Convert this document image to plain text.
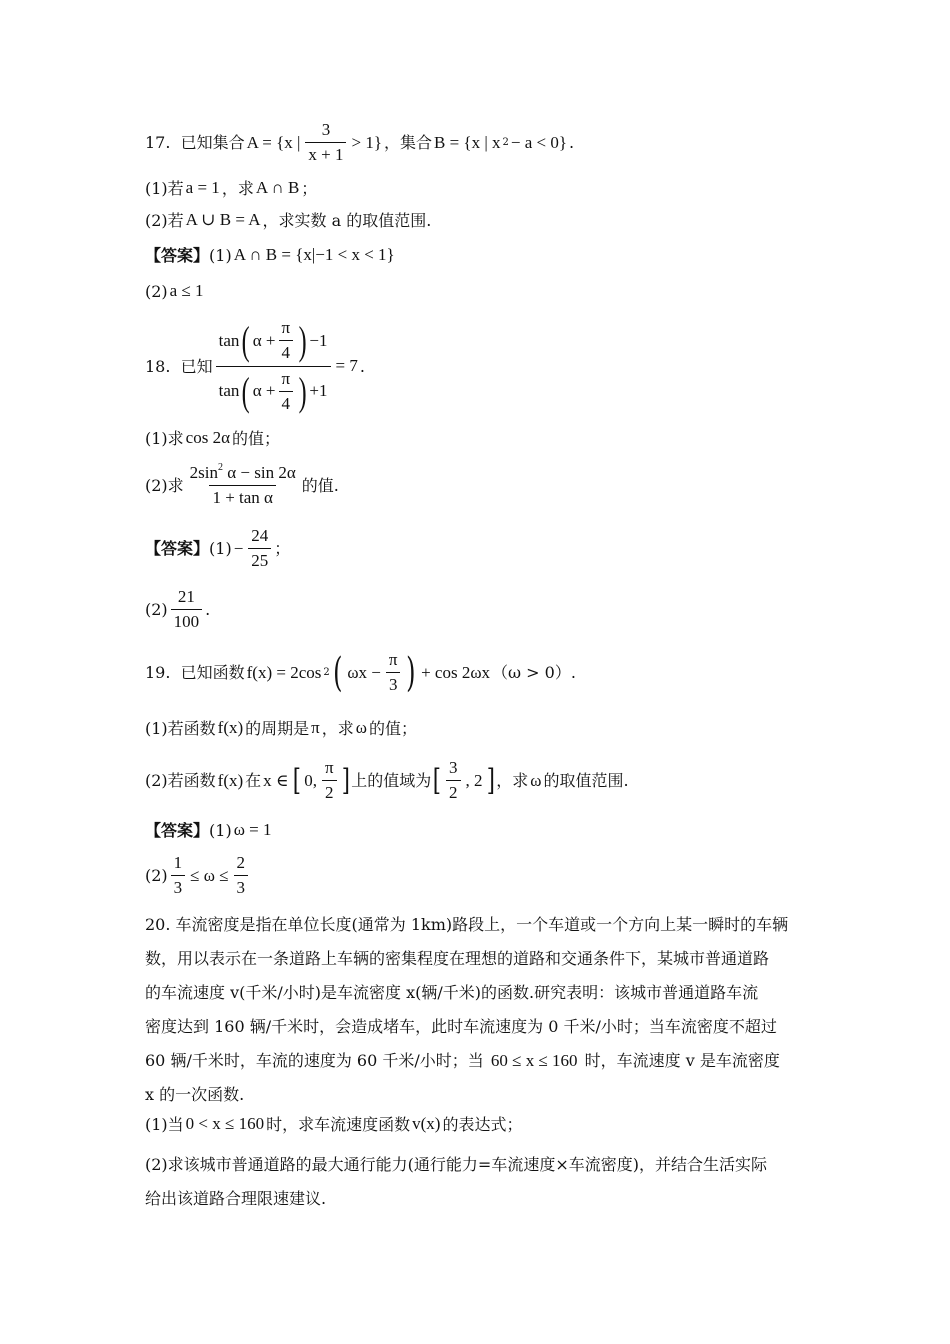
17.
已知集合 A = {x | $\frac{3}{x + 1} > 1$} ，集合 B = {x | x 2 − a < 0} .
(1)若 a = 1 ，求 A ∩ B ；
(2)若 A ∪ B = A ，求实数 a 的取值范围.
【答案】 (1) A ∩ B = {x|−1 < x < 1}
(2) a ≤ 1
18.
已知
tan ( $\alpha + \frac{\pi}{4}$ ) −1
tan ( $\alpha + \frac{\pi}{4}$ ) +1
= 7 .
(1)求 cos 2α 的值；
(2)求 $\frac{2\sin^2 \alpha - \sin 2\alpha}{\text{1 + tan α}}$ 的值.
【答案】 $(1) - \frac{24}{25}$ ；
$(2) \frac{21}{100}$ .
19.
已知函数 f(x) = 2cos 2 ( $\omega x - \frac{\pi}{3}$ ) + cos 2ωx （ω > 0）.
(1)若函数 f(x) 的周期是 π ，求 ω 的值；
(2)若函数 f(x) 在 x ∈ [ 0, $\frac{\pi}{2}$ ] 上的值域为 [ $\frac{3}{2}$ , 2 ] ，求 ω 的取值范围.
【答案】 (1) ω = 1
$(2) \frac{1}{3} \le \omega \le \frac{2}{3}$
20. 车流密度是指在单位长度(通常为 1km)路段上，一个车道或一个方向上某一瞬时的车辆
数，用以表示在一条道路上车辆的密集程度在理想的道路和交通条件下，某城市普通道路
的车流速度 v(千米/小时)是车流密度 x(辆/千米)的函数.研究表明：该城市普通道路车流
密度达到 160 辆/千米时，会造成堵车，此时车流速度为 0 千米/小时；当车流密度不超过
60 辆/千米时，车流的速度为 60 千米/小时；当 60 ≤ x ≤ 160 时，车流速度 v 是车流密度
x 的一次函数.
(1)当 0 < x ≤ 160 时，求车流速度函数 v(x) 的表达式；
(2)求该城市普通道路的最大通行能力(通行能力=车流速度×车流密度)，并结合生活实际
给出该道路合理限速建议.
